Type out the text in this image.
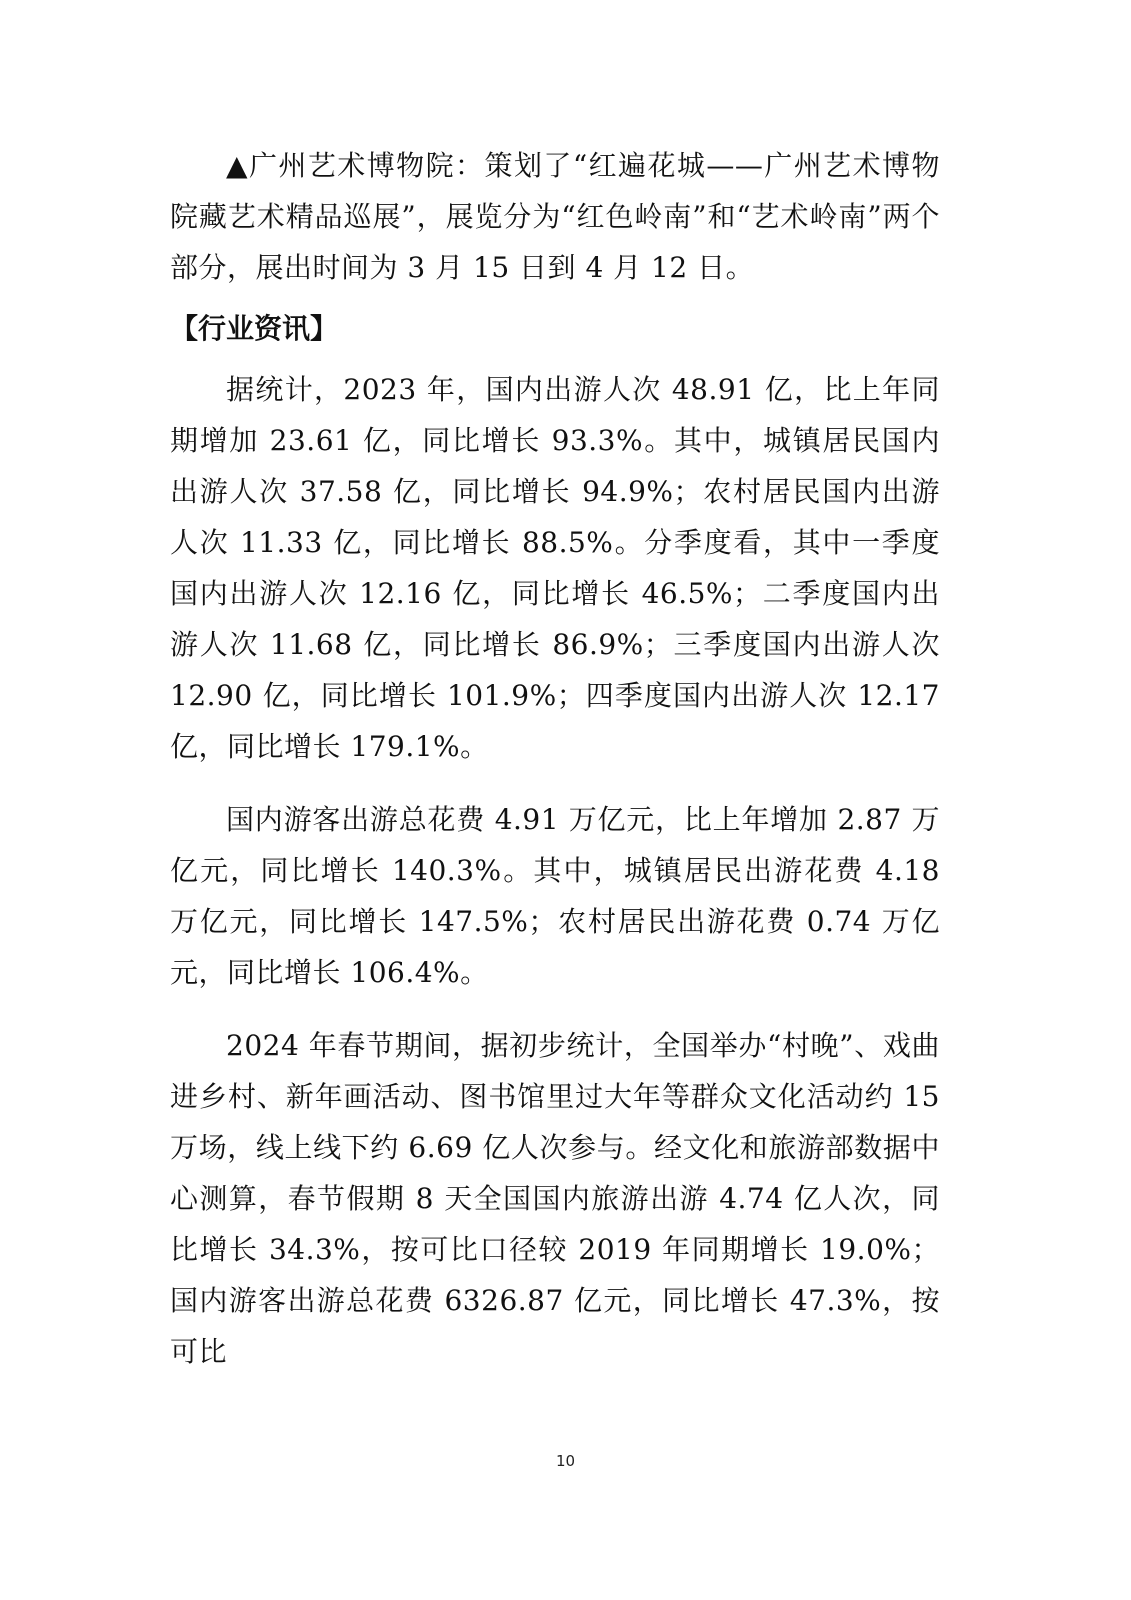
▲广州艺术博物院：策划了“红遍花城——广州艺术博物院藏艺术精品巡展”，展览分为“红色岭南”和“艺术岭南”两个部分，展出时间为 3 月 15 日到 4 月 12 日。

【行业资讯】

据统计，2023 年，国内出游人次 48.91 亿，比上年同期增加 23.61 亿，同比增长 93.3%。其中，城镇居民国内出游人次 37.58 亿，同比增长 94.9%；农村居民国内出游人次 11.33 亿，同比增长 88.5%。分季度看，其中一季度国内出游人次 12.16 亿，同比增长 46.5%；二季度国内出游人次 11.68 亿，同比增长 86.9%；三季度国内出游人次 12.90 亿，同比增长 101.9%；四季度国内出游人次 12.17 亿，同比增长 179.1%。

国内游客出游总花费 4.91 万亿元，比上年增加 2.87 万亿元，同比增长 140.3%。其中，城镇居民出游花费 4.18 万亿元，同比增长 147.5%；农村居民出游花费 0.74 万亿元，同比增长 106.4%。

2024 年春节期间，据初步统计，全国举办“村晚”、戏曲进乡村、新年画活动、图书馆里过大年等群众文化活动约 15 万场，线上线下约 6.69 亿人次参与。经文化和旅游部数据中心测算，春节假期 8 天全国国内旅游出游 4.74 亿人次，同比增长 34.3%，按可比口径较 2019 年同期增长 19.0%；国内游客出游总花费 6326.87 亿元，同比增长 47.3%，按可比

10
